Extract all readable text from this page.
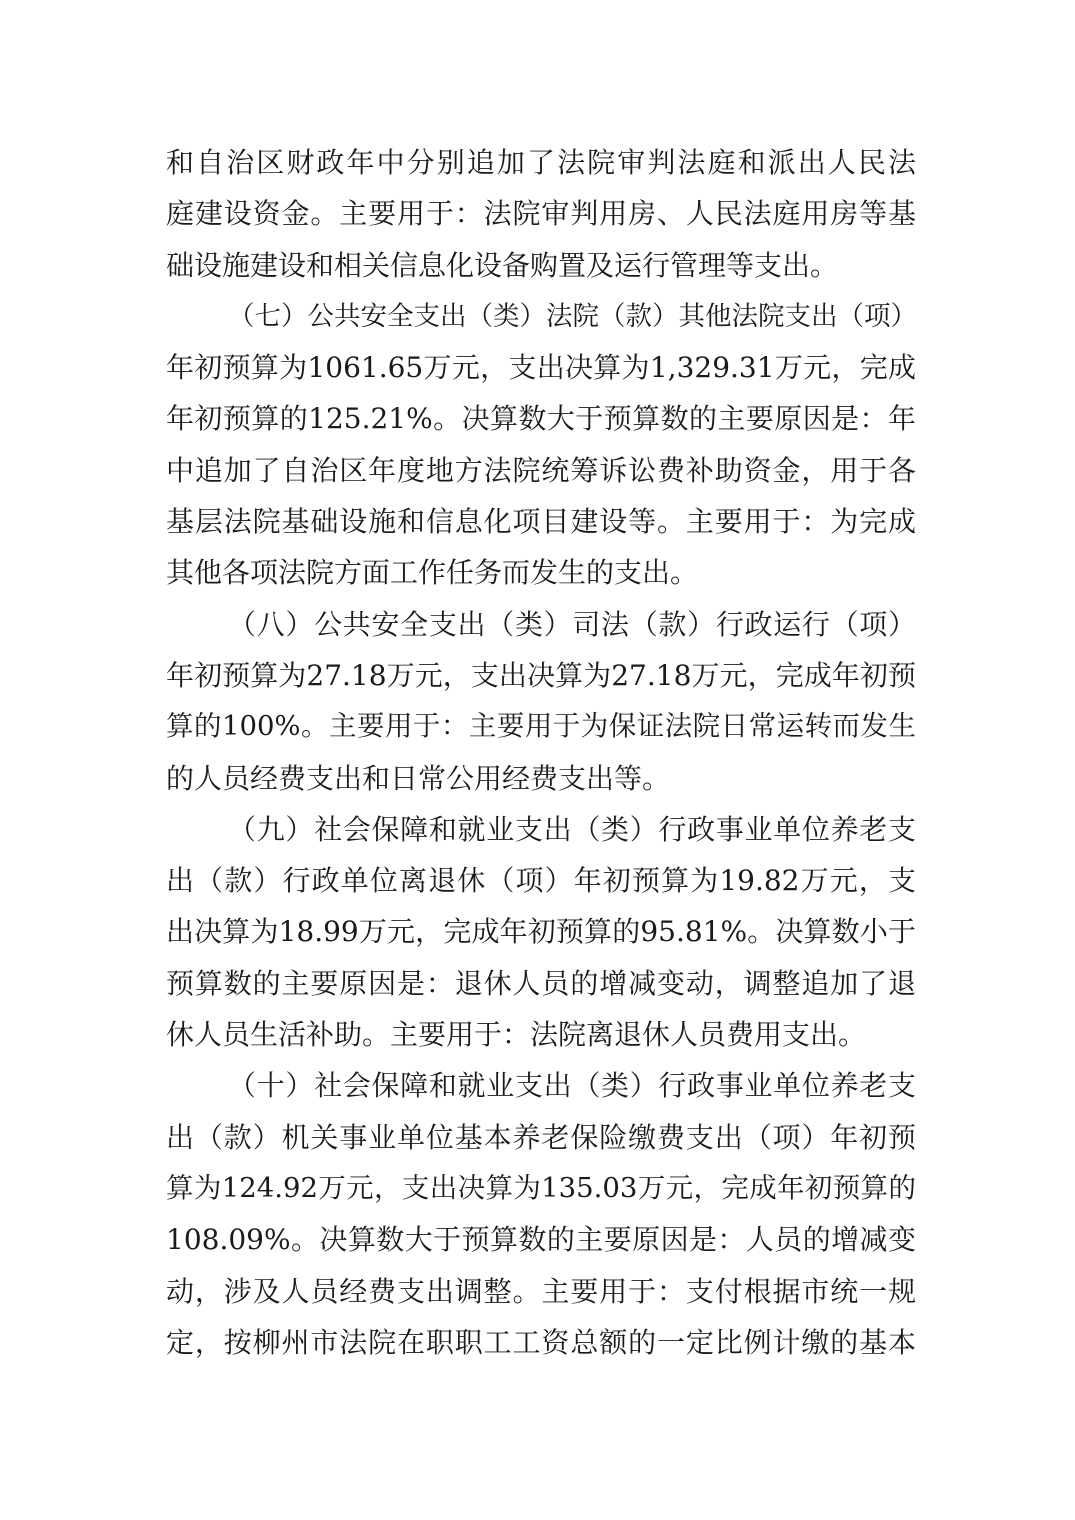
和自治区财政年中分别追加了法院审判法庭和派出人民法
庭建设资金。主要用于：法院审判用房、人民法庭用房等基
础设施建设和相关信息化设备购置及运行管理等支出。
（七）公共安全支出（类）法院（款）其他法院支出（项）
年初预算为1061.65万元，支出决算为1,329.31万元，完成
年初预算的125.21%。决算数大于预算数的主要原因是：年
中追加了自治区年度地方法院统筹诉讼费补助资金，用于各
基层法院基础设施和信息化项目建设等。主要用于：为完成
其他各项法院方面工作任务而发生的支出。
（八）公共安全支出（类）司法（款）行政运行（项）
年初预算为27.18万元，支出决算为27.18万元，完成年初预
算的100%。主要用于：主要用于为保证法院日常运转而发生
的人员经费支出和日常公用经费支出等。
（九）社会保障和就业支出（类）行政事业单位养老支
出（款）行政单位离退休（项）年初预算为19.82万元，支
出决算为18.99万元，完成年初预算的95.81%。决算数小于
预算数的主要原因是：退休人员的增减变动，调整追加了退
休人员生活补助。主要用于：法院离退休人员费用支出。
（十）社会保障和就业支出（类）行政事业单位养老支
出（款）机关事业单位基本养老保险缴费支出（项）年初预
算为124.92万元，支出决算为135.03万元，完成年初预算的
108.09%。决算数大于预算数的主要原因是：人员的增减变
动，涉及人员经费支出调整。主要用于：支付根据市统一规
定，按柳州市法院在职职工工资总额的一定比例计缴的基本
